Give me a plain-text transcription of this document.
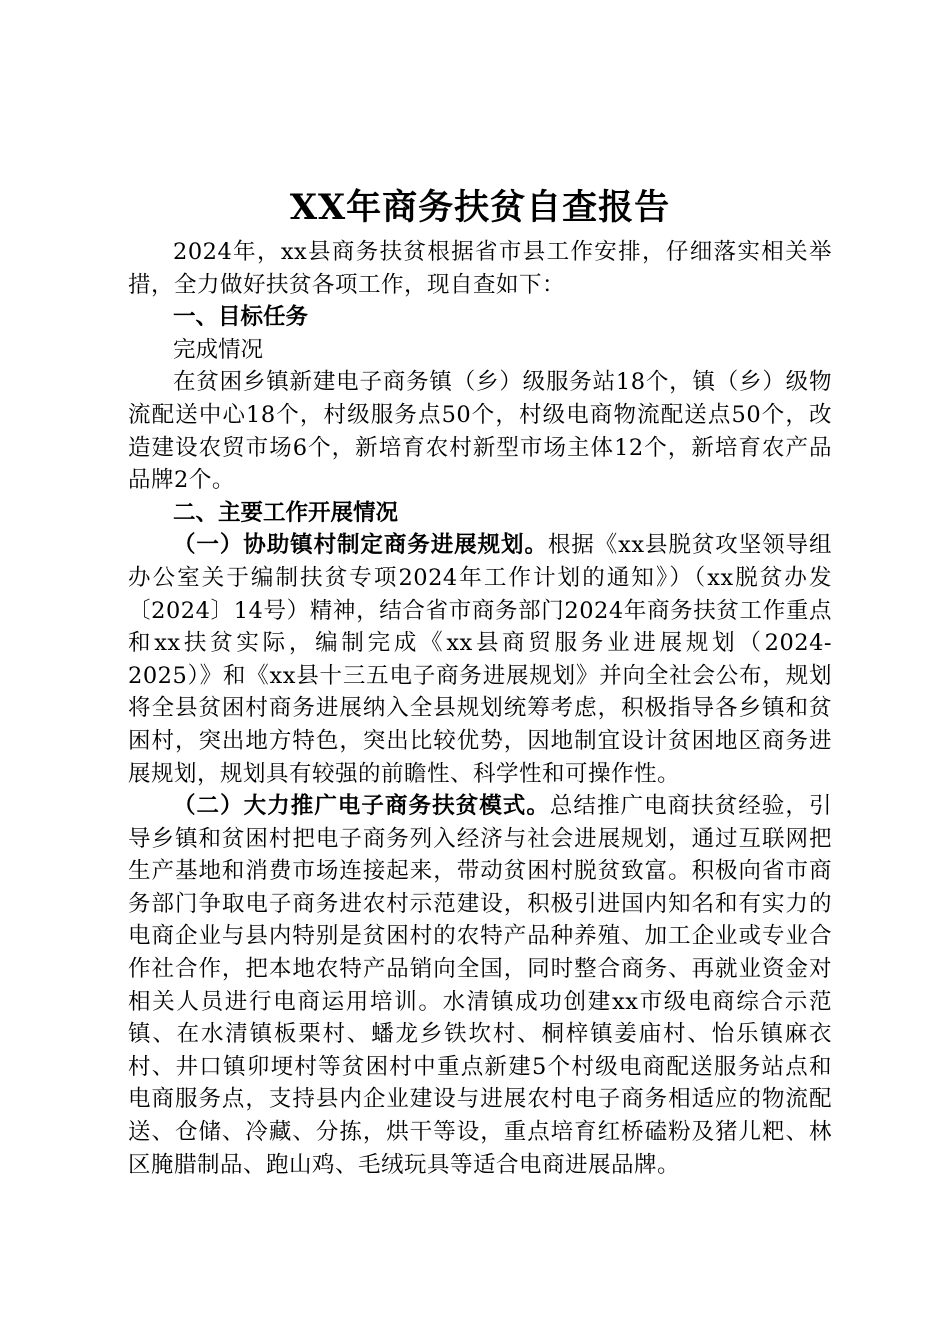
XX年商务扶贫自查报告

2024年，xx县商务扶贫根据省市县工作安排，仔细落实相关举措，全力做好扶贫各项工作，现自查如下：

一、目标任务

完成情况

在贫困乡镇新建电子商务镇（乡）级服务站18个，镇（乡）级物流配送中心18个，村级服务点50个，村级电商物流配送点50个，改造建设农贸市场6个，新培育农村新型市场主体12个，新培育农产品品牌2个。

二、主要工作开展情况

（一）协助镇村制定商务进展规划。根据《xx县脱贫攻坚领导组办公室关于编制扶贫专项2024年工作计划的通知》）（xx脱贫办发〔2024〕14号）精神，结合省市商务部门2024年商务扶贫工作重点和xx扶贫实际，编制完成《xx县商贸服务业进展规划（2024-2025）》和《xx县十三五电子商务进展规划》并向全社会公布，规划将全县贫困村商务进展纳入全县规划统筹考虑，积极指导各乡镇和贫困村，突出地方特色，突出比较优势，因地制宜设计贫困地区商务进展规划，规划具有较强的前瞻性、科学性和可操作性。

（二）大力推广电子商务扶贫模式。总结推广电商扶贫经验，引导乡镇和贫困村把电子商务列入经济与社会进展规划，通过互联网把生产基地和消费市场连接起来，带动贫困村脱贫致富。积极向省市商务部门争取电子商务进农村示范建设，积极引进国内知名和有实力的电商企业与县内特别是贫困村的农特产品种养殖、加工企业或专业合作社合作，把本地农特产品销向全国，同时整合商务、再就业资金对相关人员进行电商运用培训。水清镇成功创建xx市级电商综合示范镇、在水清镇板栗村、蟠龙乡铁坎村、桐梓镇姜庙村、怡乐镇麻衣村、井口镇卯埂村等贫困村中重点新建5个村级电商配送服务站点和电商服务点，支持县内企业建设与进展农村电子商务相适应的物流配送、仓储、冷藏、分拣，烘干等设，重点培育红桥磕粉及猪儿粑、林区腌腊制品、跑山鸡、毛绒玩具等适合电商进展品牌。
